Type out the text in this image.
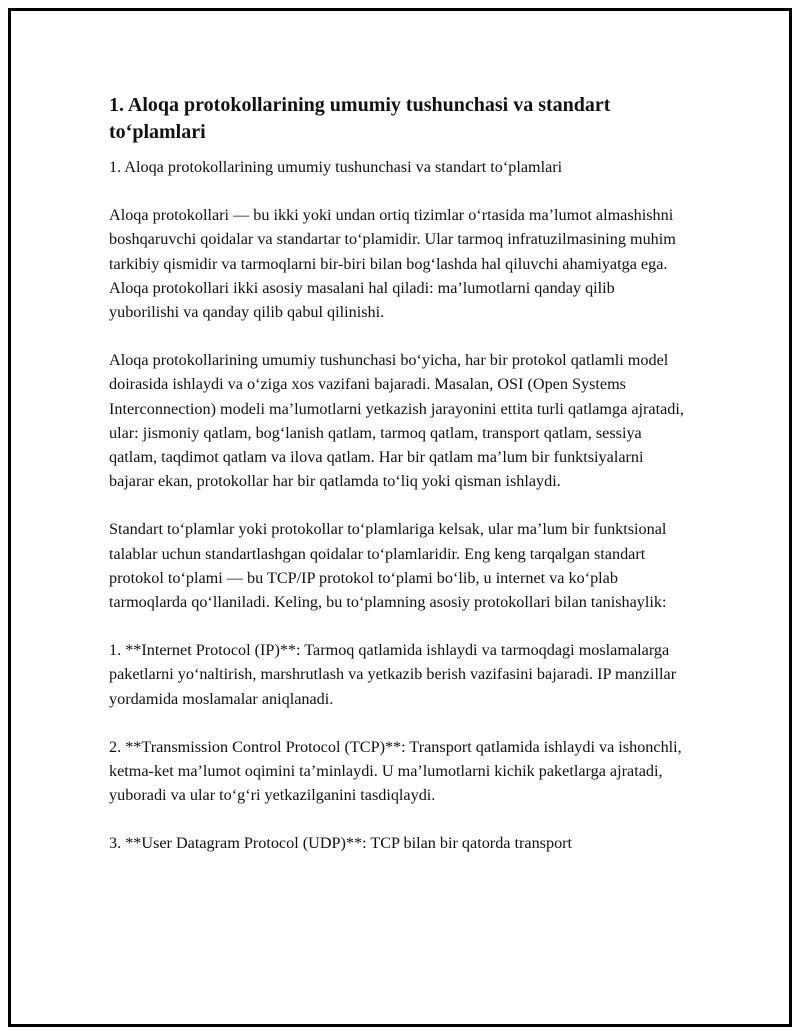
1. Aloqa protokollarining umumiy tushunchasi va standart to‘plamlari

1. Aloqa protokollarining umumiy tushunchasi va standart to‘plamlari

Aloqa protokollari — bu ikki yoki undan ortiq tizimlar o‘rtasida ma’lumot almashishni boshqaruvchi qoidalar va standartar to‘plamidir. Ular tarmoq infratuzilmasining muhim tarkibiy qismidir va tarmoqlarni bir-biri bilan bog‘lashda hal qiluvchi ahamiyatga ega. Aloqa protokollari ikki asosiy masalani hal qiladi: ma’lumotlarni qanday qilib yuborilishi va qanday qilib qabul qilinishi.

Aloqa protokollarining umumiy tushunchasi bo‘yicha, har bir protokol qatlamli model doirasida ishlaydi va o‘ziga xos vazifani bajaradi. Masalan, OSI (Open Systems Interconnection) modeli ma’lumotlarni yetkazish jarayonini ettita turli qatlamga ajratadi, ular: jismoniy qatlam, bog‘lanish qatlam, tarmoq qatlam, transport qatlam, sessiya qatlam, taqdimot qatlam va ilova qatlam. Har bir qatlam ma’lum bir funktsiyalarni bajarar ekan, protokollar har bir qatlamda to‘liq yoki qisman ishlaydi.

Standart to‘plamlar yoki protokollar to‘plamlariga kelsak, ular ma’lum bir funktsional talablar uchun standartlashgan qoidalar to‘plamlaridir. Eng keng tarqalgan standart protokol to‘plami — bu TCP/IP protokol to‘plami bo‘lib, u internet va ko‘plab tarmoqlarda qo‘llaniladi. Keling, bu to‘plamning asosiy protokollari bilan tanishaylik:

1. **Internet Protocol (IP)**: Tarmoq qatlamida ishlaydi va tarmoqdagi moslamalarga paketlarni yo‘naltirish, marshrutlash va yetkazib berish vazifasini bajaradi. IP manzillar yordamida moslamalar aniqlanadi.

2. **Transmission Control Protocol (TCP)**: Transport qatlamida ishlaydi va ishonchli, ketma-ket ma’lumot oqimini ta’minlaydi. U ma’lumotlarni kichik paketlarga ajratadi, yuboradi va ular to‘g‘ri yetkazilganini tasdiqlaydi.

3. **User Datagram Protocol (UDP)**: TCP bilan bir qatorda transport
